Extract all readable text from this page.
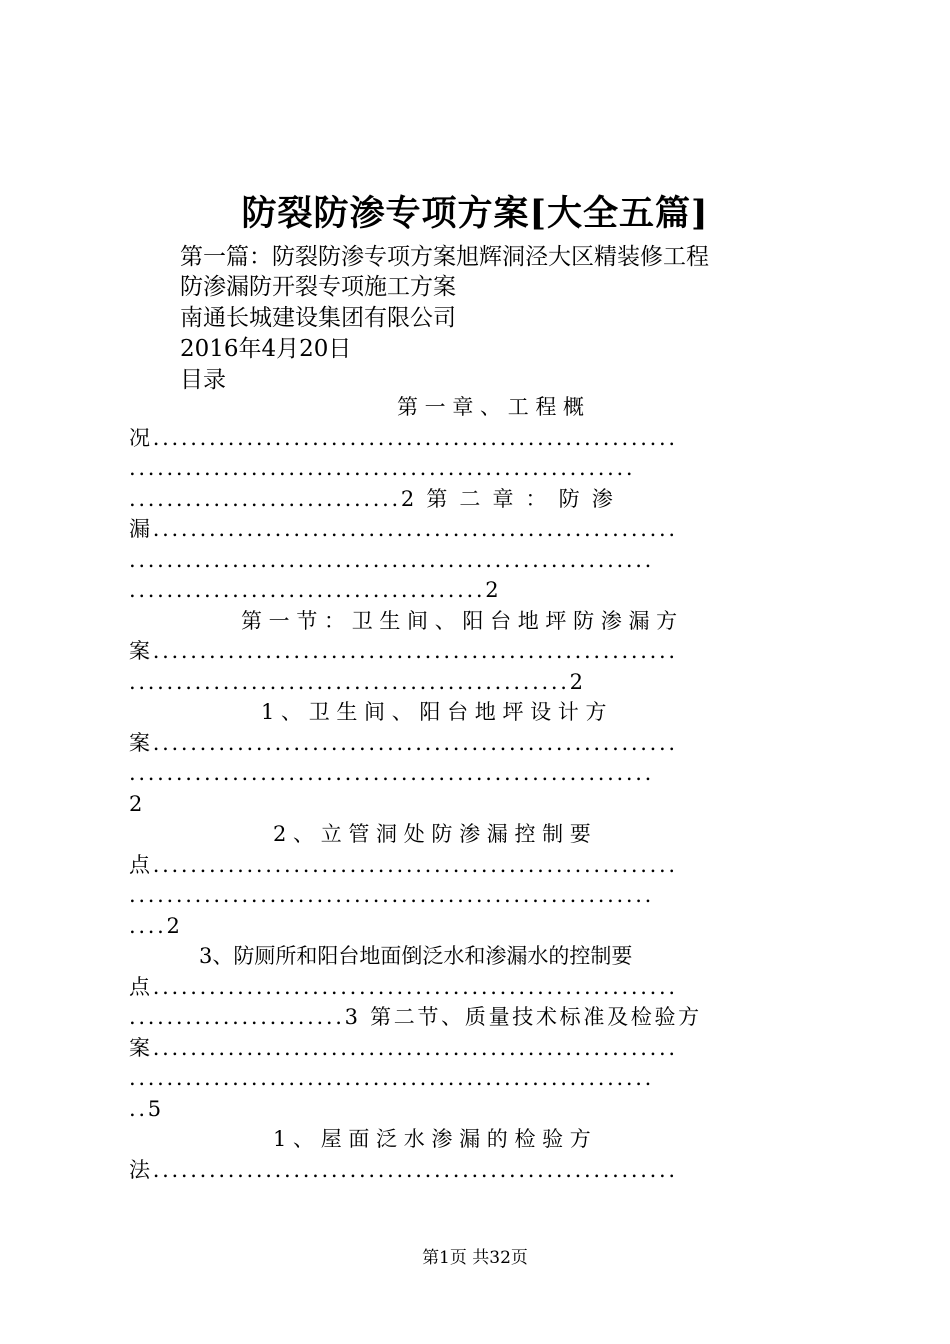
防裂防渗专项方案[大全五篇]
第一篇：防裂防渗专项方案旭辉洞泾大区精装修工程
防渗漏防开裂专项施工方案
南通长城建设集团有限公司
2016年4月20日
目录
第 一 章 、 工 程 概
况........................................................
......................................................
.............................2 第 二 章 ： 防 渗
漏........................................................
........................................................
......................................2
第 一 节 ： 卫 生 间 、 阳 台 地 坪 防 渗 漏 方
案........................................................
...............................................2
1 、 卫 生 间 、 阳 台 地 坪 设 计 方
案........................................................
........................................................
2
2 、 立 管 洞 处 防 渗 漏 控 制 要
点........................................................
........................................................
....2
3、防厕所和阳台地面倒泛水和渗漏水的控制要
点........................................................
.......................3 第二节、质量技术标准及检验方
案........................................................
........................................................
..5
1 、 屋 面 泛 水 渗 漏 的 检 验 方
法........................................................
第1页 共32页
